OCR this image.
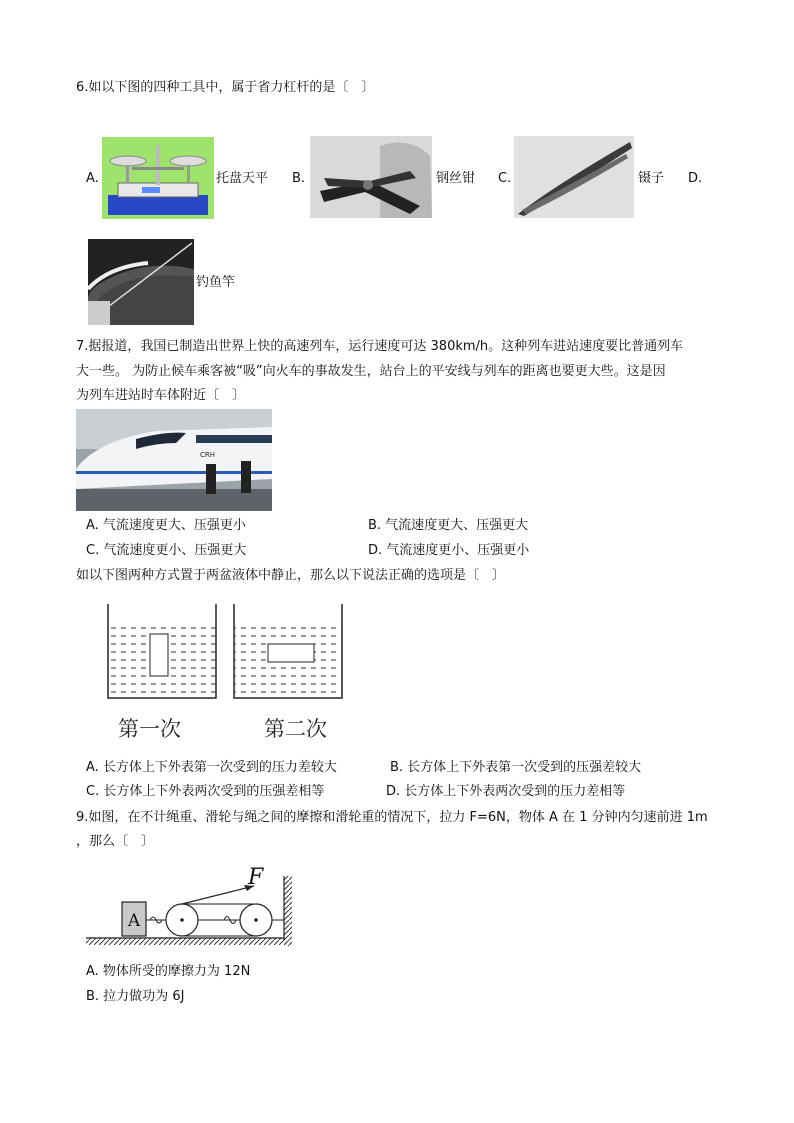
6.如以下图的四种工具中，属于省力杠杆的是〔　〕
A.	托盘天平 B.	钢丝钳 C.	镊子 D.
钓鱼竿
7.据报道，我国已制造出世界上快的高速列车，运行速度可达 380km/h。这种列车进站速度要比普通列车
大一些。 为防止候车乘客被“吸”向火车的事故发生，站台上的平安线与列车的距离也要更大些。这是因
为列车进站时车体附近〔　〕
CRH
A. 气流速度更大、压强更小	B. 气流速度更大、压强更大
C. 气流速度更小、压强更大	D. 气流速度更小、压强更小
如以下图两种方式置于两盆液体中静止，那么以下说法正确的选项是〔　〕
第一次	第二次
A. 长方体上下外表第一次受到的压力差较大	B. 长方体上下外表第一次受到的压强差较大
C. 长方体上下外表两次受到的压强差相等	D. 长方体上下外表两次受到的压力差相等
9.如图，在不计绳重、滑轮与绳之间的摩擦和滑轮重的情况下，拉力 F=6N，物体 A 在 1 分钟内匀速前进 1m
，那么〔　〕
A
F
A. 物体所受的摩擦力为 12N
B. 拉力做功为 6J
